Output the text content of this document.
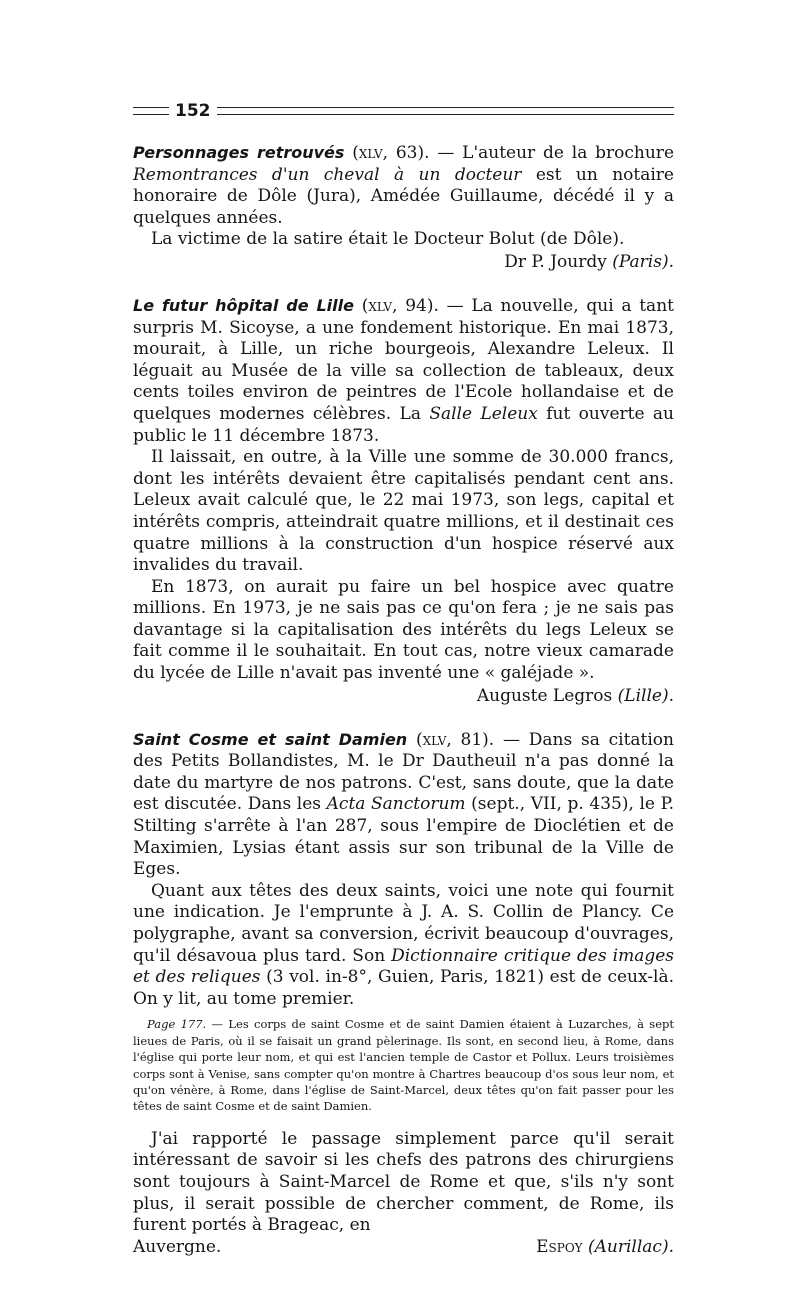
152

Personnages retrouvés (xlv, 63). — L'auteur de la brochure Remontrances d'un cheval à un docteur est un notaire honoraire de Dôle (Jura), Amédée Guillaume, décédé il y a quelques années.

La victime de la satire était le Docteur Bolut (de Dôle).

Dr P. Jourdy (Paris).

Le futur hôpital de Lille (xlv, 94). — La nouvelle, qui a tant surpris M. Sicoyse, a une fondement historique. En mai 1873, mourait, à Lille, un riche bourgeois, Alexandre Leleux. Il léguait au Musée de la ville sa collection de tableaux, deux cents toiles environ de peintres de l'Ecole hollandaise et de quelques modernes célèbres. La Salle Leleux fut ouverte au public le 11 décembre 1873.

Il laissait, en outre, à la Ville une somme de 30.000 francs, dont les intérêts devaient être capitalisés pendant cent ans. Leleux avait calculé que, le 22 mai 1973, son legs, capital et intérêts compris, atteindrait quatre millions, et il destinait ces quatre millions à la construction d'un hospice réservé aux invalides du travail.

En 1873, on aurait pu faire un bel hospice avec quatre millions. En 1973, je ne sais pas ce qu'on fera ; je ne sais pas davantage si la capitalisation des intérêts du legs Leleux se fait comme il le souhaitait. En tout cas, notre vieux camarade du lycée de Lille n'avait pas inventé une « galéjade ».

Auguste Legros (Lille).

Saint Cosme et saint Damien (xlv, 81). — Dans sa citation des Petits Bollandistes, M. le Dr Dautheuil n'a pas donné la date du martyre de nos patrons. C'est, sans doute, que la date est discutée. Dans les Acta Sanctorum (sept., VII, p. 435), le P. Stilting s'arrête à l'an 287, sous l'empire de Dioclétien et de Maximien, Lysias étant assis sur son tribunal de la Ville de Eges.

Quant aux têtes des deux saints, voici une note qui fournit une indication. Je l'emprunte à J. A. S. Collin de Plancy. Ce polygraphe, avant sa conversion, écrivit beaucoup d'ouvrages, qu'il désavoua plus tard. Son Dictionnaire critique des images et des reliques (3 vol. in-8°, Guien, Paris, 1821) est de ceux-là. On y lit, au tome premier.

Page 177. — Les corps de saint Cosme et de saint Damien étaient à Luzarches, à sept lieues de Paris, où il se faisait un grand pèlerinage. Ils sont, en second lieu, à Rome, dans l'église qui porte leur nom, et qui est l'ancien temple de Castor et Pollux. Leurs troisièmes corps sont à Venise, sans compter qu'on montre à Chartres beaucoup d'os sous leur nom, et qu'on vénère, à Rome, dans l'église de Saint-Marcel, deux têtes qu'on fait passer pour les têtes de saint Cosme et de saint Damien.

J'ai rapporté le passage simplement parce qu'il serait intéressant de savoir si les chefs des patrons des chirurgiens sont toujours à Saint-Marcel de Rome et que, s'ils n'y sont plus, il serait possible de chercher comment, de Rome, ils furent portés à Brageac, en

Auvergne.	Espoy (Aurillac).
